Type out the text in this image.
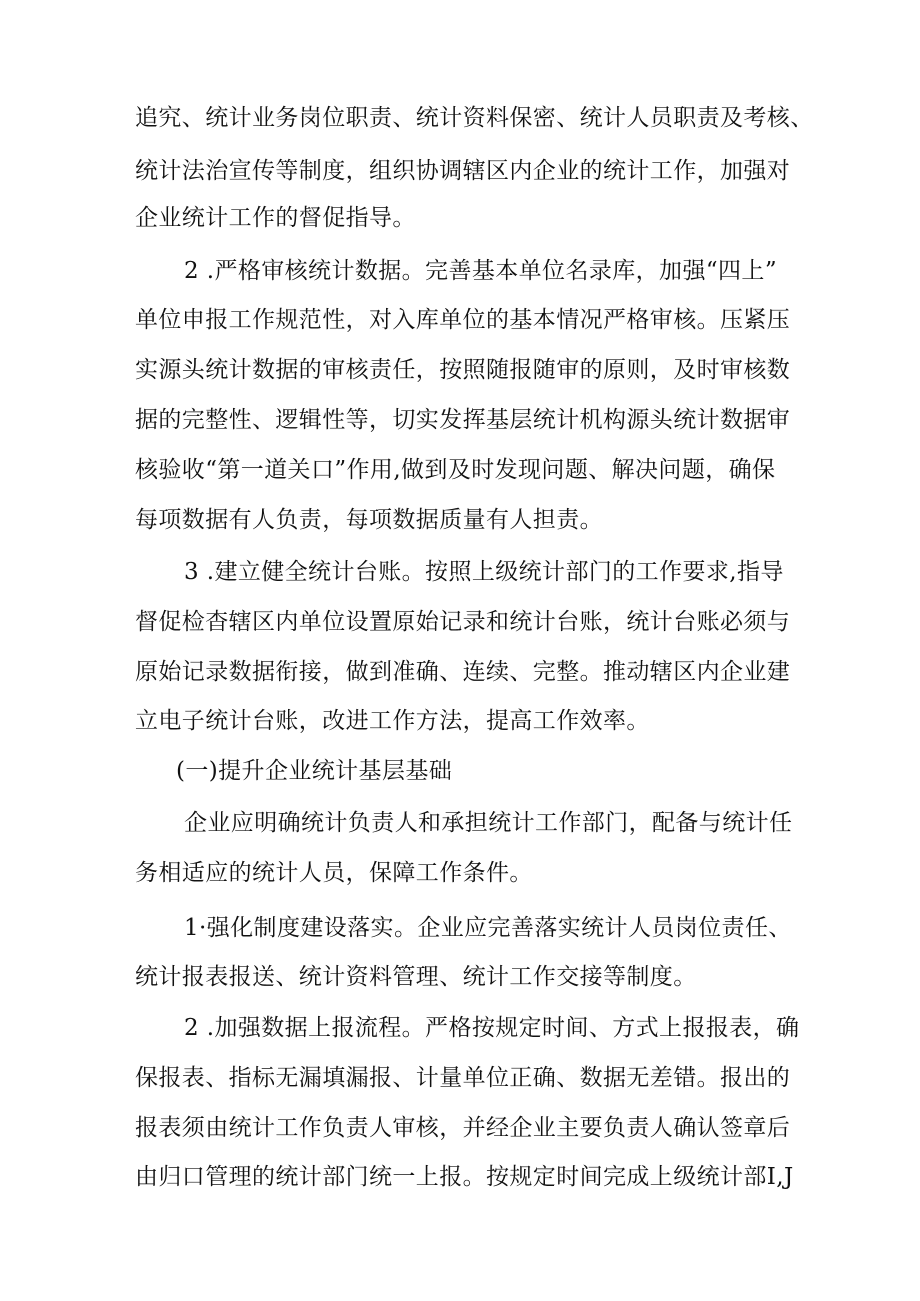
追究、统计业务岗位职责、统计资料保密、统计人员职责及考核、
统计法治宣传等制度，组织协调辖区内企业的统计工作，加强对
企业统计工作的督促指导。
2 .严格审核统计数据。完善基本单位名录库，加强“四上”
单位申报工作规范性，对入库单位的基本情况严格审核。压紧压
实源头统计数据的审核责任，按照随报随审的原则，及时审核数
据的完整性、逻辑性等，切实发挥基层统计机构源头统计数据审
核验收“第一道关口”作用,做到及时发现问题、解决问题，确保
每项数据有人负责，每项数据质量有人担责。
3 .建立健全统计台账。按照上级统计部门的工作要求,指导
督促检杳辖区内单位设置原始记录和统计台账，统计台账必须与
原始记录数据衔接，做到准确、连续、完整。推动辖区内企业建
立电子统计台账，改进工作方法，提高工作效率。
(一)提升企业统计基层基础
企业应明确统计负责人和承担统计工作部门，配备与统计任
务相适应的统计人员，保障工作条件。
1·强化制度建设落实。企业应完善落实统计人员岗位责任、
统计报表报送、统计资料管理、统计工作交接等制度。
2 .加强数据上报流程。严格按规定时间、方式上报报表，确
保报表、指标无漏填漏报、计量单位正确、数据无差错。报出的
报表须由统计工作负责人审核，并经企业主要负责人确认签章后
由归口管理的统计部门统一上报。按规定时间完成上级统计部I,J
